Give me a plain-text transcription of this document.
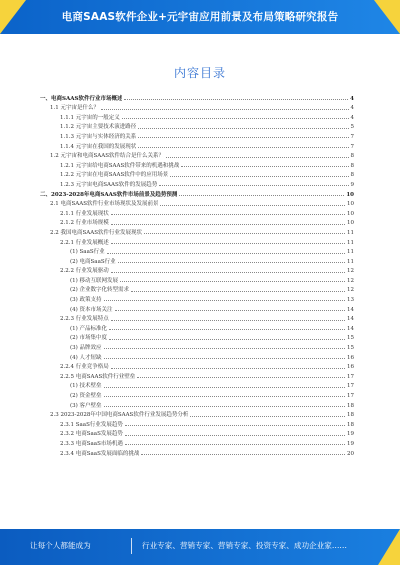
电商SAAS软件企业+元宇宙应用前景及布局策略研究报告
内容目录
一、电商SAAS软件行业市场概述	4
1.1 元宇宙是什么？	4
1.1.1 元宇宙的一般定义	4
1.1.2 元宇宙主要技术演进路径	5
1.1.3 元宇宙与实体经济的关系	7
1.1.4 元宇宙在我国的发展现状	7
1.2 元宇宙和电商SAAS软件结合是什么关系？	8
1.2.1 元宇宙给电商SAAS软件带来的机遇和挑战	8
1.2.2 元宇宙在电商SAAS软件中的应用场景	8
1.2.3 元宇宙电商SAAS软件的发展趋势	9
二、2023-2028年电商SAAS软件市场前景及趋势预测	10
2.1 电商SAAS软件行业市场现状及发展前景	10
2.1.1 行业发展现状	10
2.1.2 行业市场规模	10
2.2 我国电商SAAS软件行业发展现状	11
2.2.1 行业发展概述	11
(1) SaaS行业	11
(2) 电商SaaS行业	11
2.2.2 行业发展驱动	12
(1) 移动互联网发展	12
(2) 企业数字化转型需求	12
(3) 政策支持	13
(4) 资本市场关注	14
2.2.3 行业发展特点	14
(1) 产品标准化	14
(2) 市场集中度	15
(3) 品牌效应	15
(4) 人才短缺	16
2.2.4 行业竞争格局	16
2.2.5 电商SAAS软件行业壁垒	17
(1) 技术壁垒	17
(2) 资金壁垒	17
(3) 客户壁垒	18
2.3 2023-2028年中国电商SAAS软件行业发展趋势分析	18
2.3.1 SaaS行业发展趋势	18
2.3.2 电商SaaS发展趋势	19
2.3.3 电商SaaS市场机遇	19
2.3.4 电商SaaS发展面临的挑战	20
让每个人都能成为	行业专家、营销专家、营销专家、投资专家、成功企业家……
